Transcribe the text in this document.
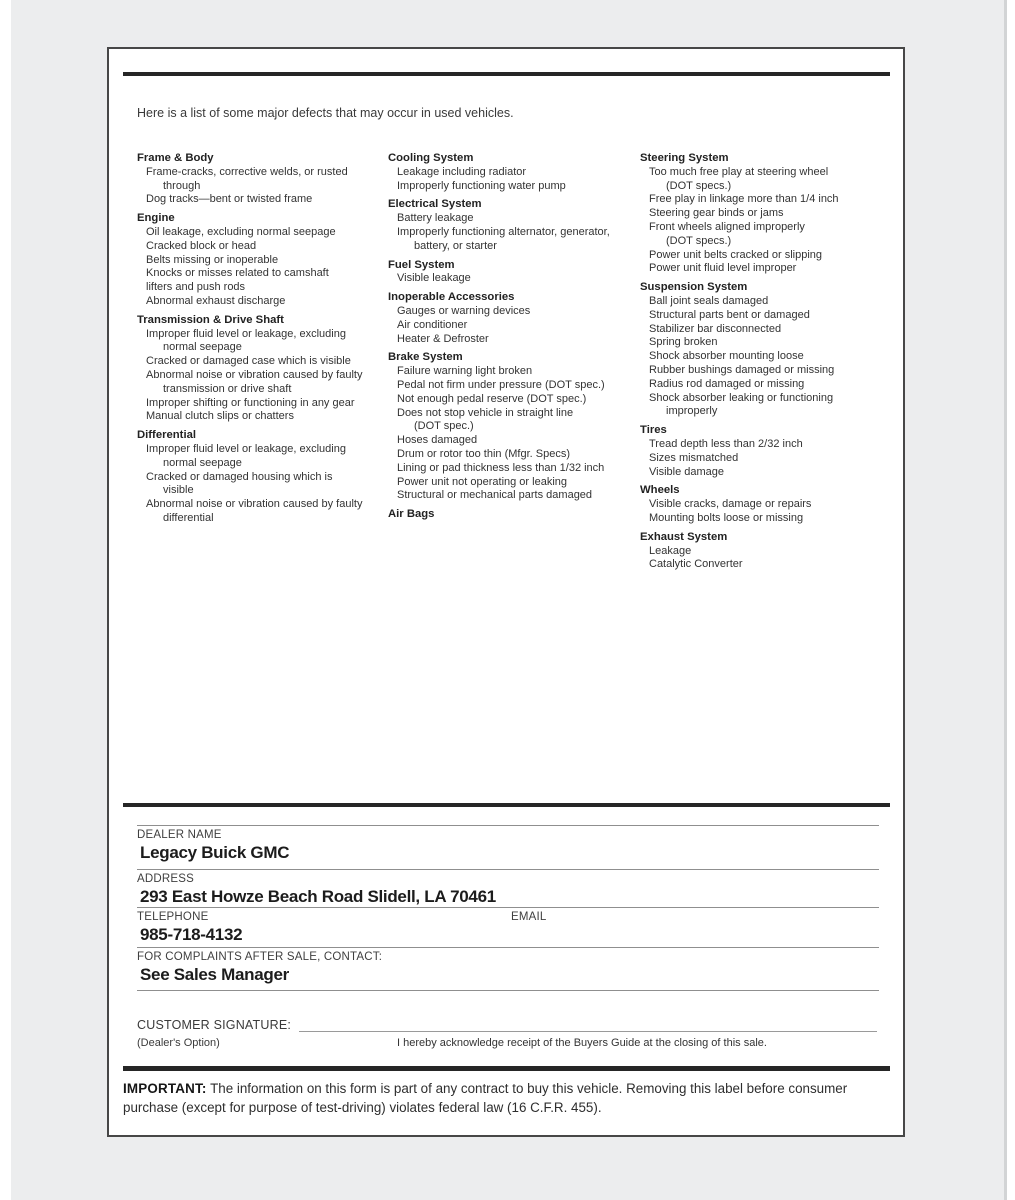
Here is a list of some major defects that may occur in used vehicles.
Frame & Body
Frame-cracks, corrective welds, or rusted
through
Dog tracks—bent or twisted frame
Engine
Oil leakage, excluding normal seepage
Cracked block or head
Belts missing or inoperable
Knocks or misses related to camshaft
lifters and push rods
Abnormal exhaust discharge
Transmission & Drive Shaft
Improper fluid level or leakage, excluding
normal seepage
Cracked or damaged case which is visible
Abnormal noise or vibration caused by faulty
transmission or drive shaft
Improper shifting or functioning in any gear
Manual clutch slips or chatters
Differential
Improper fluid level or leakage, excluding
normal seepage
Cracked or damaged housing which is
visible
Abnormal noise or vibration caused by faulty
differential
Cooling System
Leakage including radiator
Improperly functioning water pump
Electrical System
Battery leakage
Improperly functioning alternator, generator,
battery, or starter
Fuel System
Visible leakage
Inoperable Accessories
Gauges or warning devices
Air conditioner
Heater & Defroster
Brake System
Failure warning light broken
Pedal not firm under pressure (DOT spec.)
Not enough pedal reserve (DOT spec.)
Does not stop vehicle in straight line
(DOT spec.)
Hoses damaged
Drum or rotor too thin (Mfgr. Specs)
Lining or pad thickness less than 1/32 inch
Power unit not operating or leaking
Structural or mechanical parts damaged
Air Bags
Steering System
Too much free play at steering wheel
(DOT specs.)
Free play in linkage more than 1/4 inch
Steering gear binds or jams
Front wheels aligned improperly
(DOT specs.)
Power unit belts cracked or slipping
Power unit fluid level improper
Suspension System
Ball joint seals damaged
Structural parts bent or damaged
Stabilizer bar disconnected
Spring broken
Shock absorber mounting loose
Rubber bushings damaged or missing
Radius rod damaged or missing
Shock absorber leaking or functioning
improperly
Tires
Tread depth less than 2/32 inch
Sizes mismatched
Visible damage
Wheels
Visible cracks, damage or repairs
Mounting bolts loose or missing
Exhaust System
Leakage
Catalytic Converter
DEALER NAME
Legacy Buick GMC
ADDRESS
293 East Howze Beach Road Slidell, LA 70461
TELEPHONE
985-718-4132
EMAIL
FOR COMPLAINTS AFTER SALE, CONTACT:
See Sales Manager
CUSTOMER SIGNATURE:
(Dealer's Option)	I hereby acknowledge receipt of the Buyers Guide at the closing of this sale.

IMPORTANT: The information on this form is part of any contract to buy this vehicle. Removing this label before consumer purchase (except for purpose of test-driving) violates federal law (16 C.F.R. 455).
